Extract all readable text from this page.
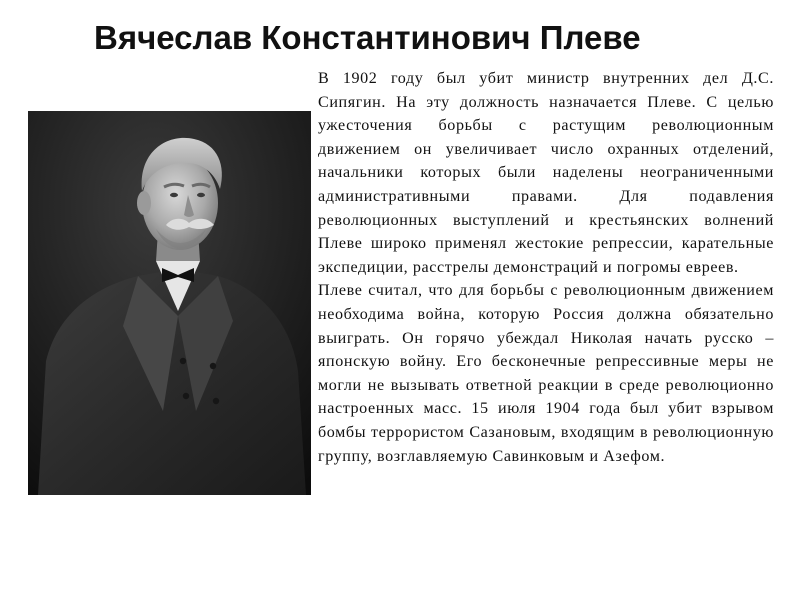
Вячеслав Константинович Плеве

В 1902 году был убит министр внутренних дел Д.С. Сипягин. На эту должность назначается Плеве. С целью ужесточения борьбы с растущим революционным движением он увеличивает число охранных отделений, начальники которых были наделены неограниченными административными правами. Для подавления революционных выступлений и крестьянских волнений Плеве широко применял жестокие репрессии, карательные экспедиции, расстрелы демонстраций и погромы евреев.

Плеве считал, что для борьбы с революционным движением необходима война, которую Россия должна обязательно выиграть. Он горячо убеждал Николая начать русско – японскую войну. Его бесконечные репрессивные меры не могли не вызывать ответной реакции в среде революционно настроенных масс. 15 июля 1904 года был убит взрывом бомбы террористом Сазановым, входящим в революционную группу, возглавляемую Савинковым и Азефом.
